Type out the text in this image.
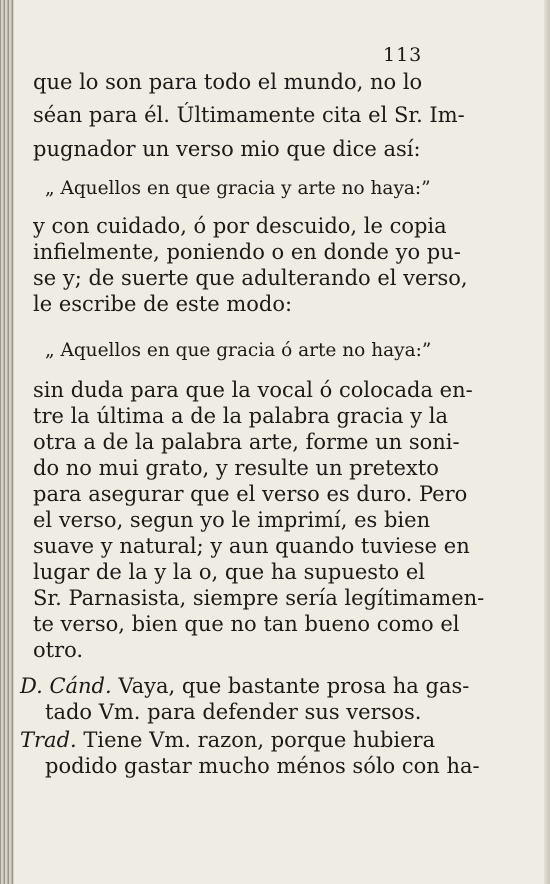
113
que lo son para todo el mundo, no lo
séan para él. Últimamente cita el Sr. Im-
pugnador un verso mio que dice así:
„ Aquellos en que gracia y arte no haya:”
y con cuidado, ó por descuido, le copia
infielmente, poniendo o en donde yo pu-
se y; de suerte que adulterando el verso,
le escribe de este modo:
„ Aquellos en que gracia ó arte no haya:”
sin duda para que la vocal ó colocada en-
tre la última a de la palabra gracia y la
otra a de la palabra arte, forme un soni-
do no mui grato, y resulte un pretexto
para asegurar que el verso es duro. Pero
el verso, segun yo le imprimí, es bien
suave y natural; y aun quando tuviese en
lugar de la y la o, que ha supuesto el
Sr. Parnasista, siempre sería legítimamen-
te verso, bien que no tan bueno como el
otro.
D. Cánd. Vaya, que bastante prosa ha gas-
tado Vm. para defender sus versos.
Trad. Tiene Vm. razon, porque hubiera
podido gastar mucho ménos sólo con ha-
